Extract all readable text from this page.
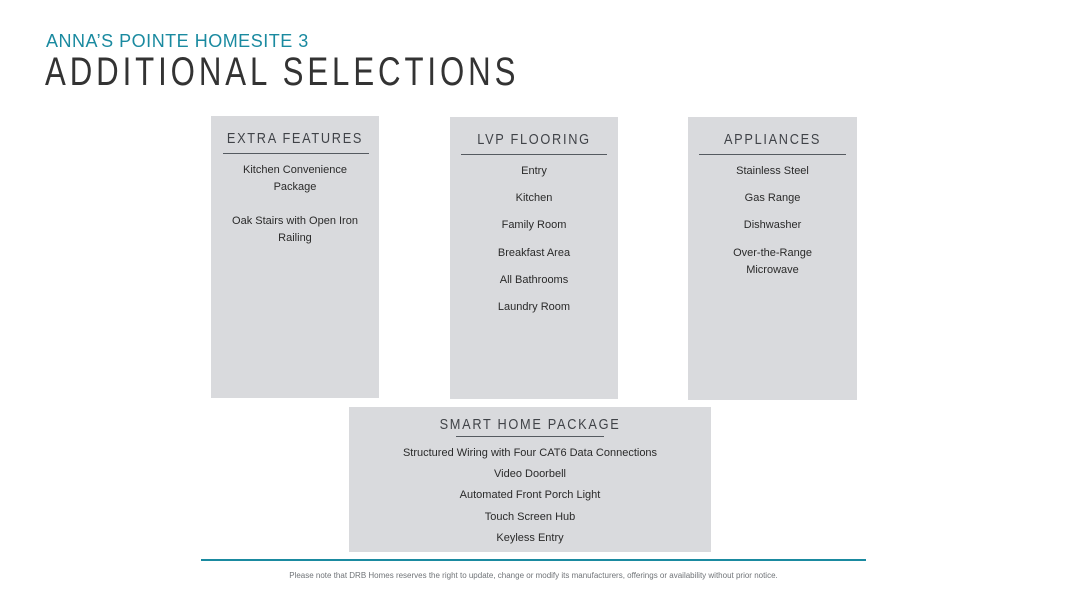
ANNA’S POINTE HOMESITE 3
ADDITIONAL SELECTIONS
EXTRA FEATURES
Kitchen Convenience Package
Oak Stairs with Open Iron Railing
LVP FLOORING
Entry
Kitchen
Family Room
Breakfast Area
All Bathrooms
Laundry Room
APPLIANCES
Stainless Steel
Gas Range
Dishwasher
Over-the-Range Microwave
SMART HOME PACKAGE
Structured Wiring with Four CAT6 Data Connections
Video Doorbell
Automated Front Porch Light
Touch Screen Hub
Keyless Entry
Please note that DRB Homes reserves the right to update, change or modify its manufacturers, offerings or availability without prior notice.
